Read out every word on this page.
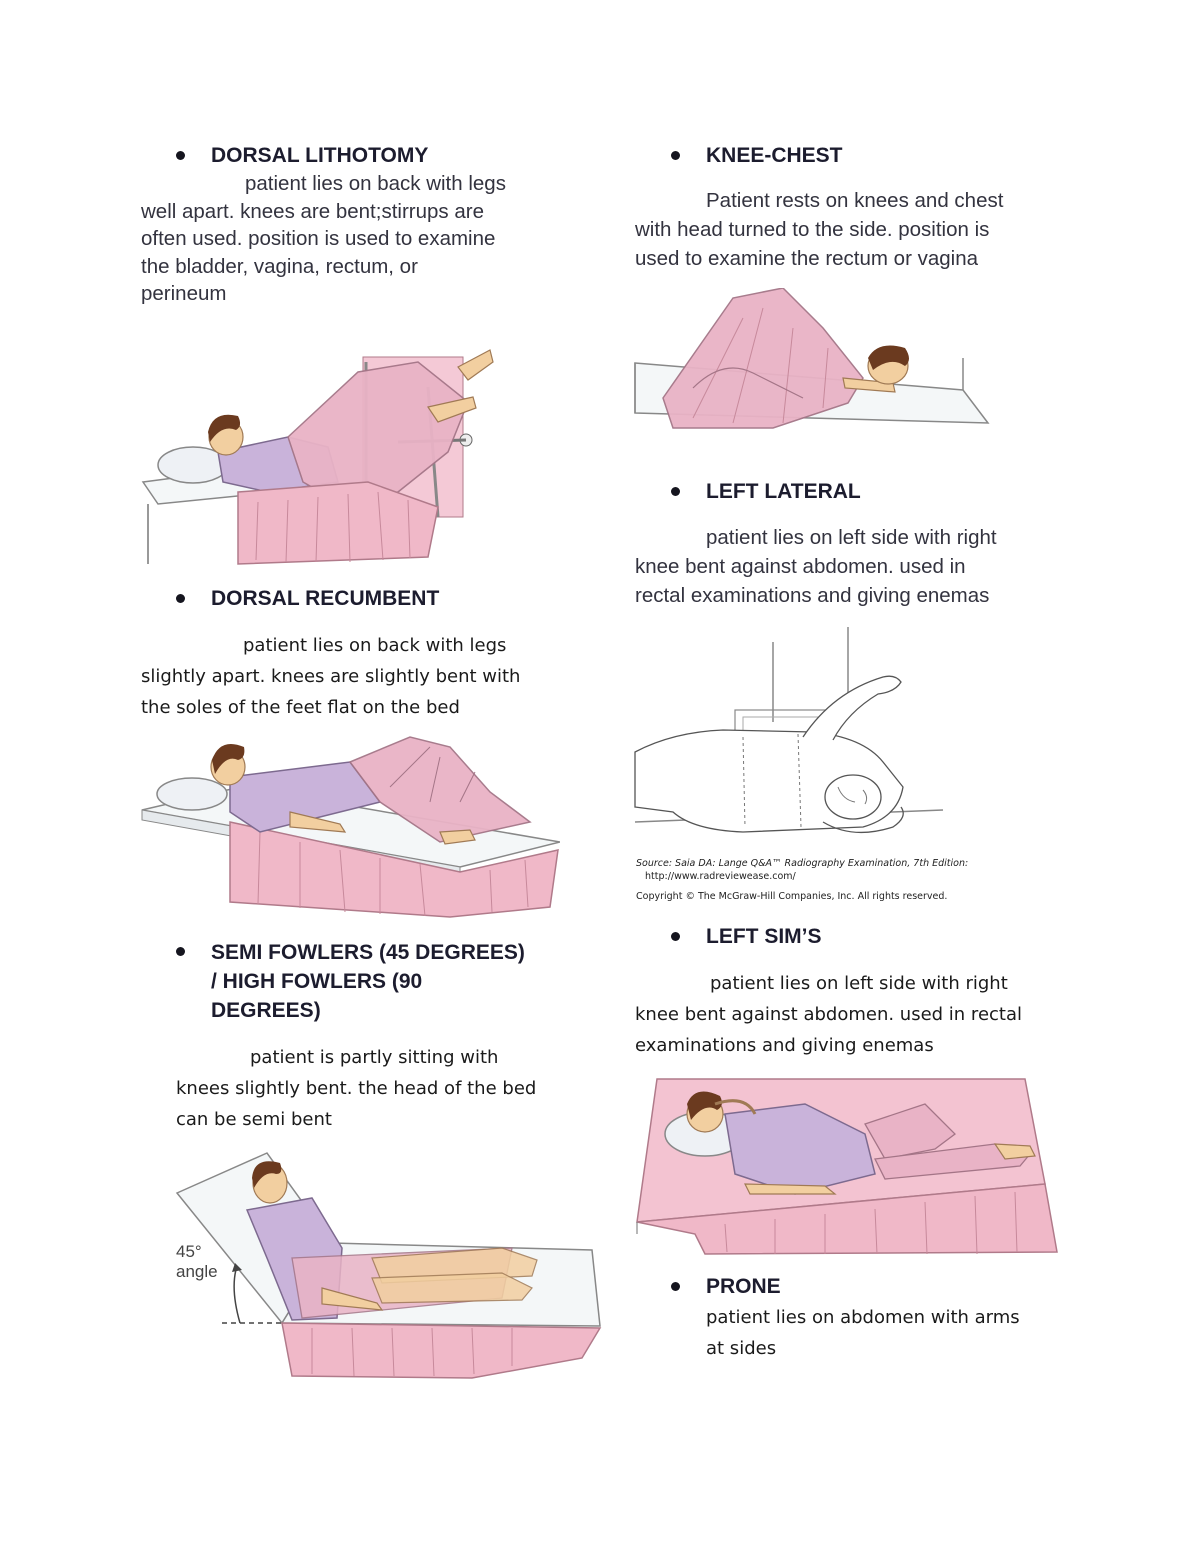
DORSAL LITHOTOMY
patient lies on back with legs
well apart. knees are bent;stirrups are
often used. position is used to examine
the bladder, vagina, rectum, or
perineum
DORSAL RECUMBENT
patient lies on back with legs
slightly apart. knees are slightly bent with
the soles of the feet flat on the bed
SEMI FOWLERS (45 DEGREES)
/ HIGH FOWLERS (90
DEGREES)
patient is partly sitting with
knees slightly bent. the head of the bed
can be semi bent
45°
angle
KNEE-CHEST
Patient rests on knees and chest
with head turned to the side. position is
used to examine the rectum or vagina
LEFT LATERAL
patient lies on left side with right
knee bent against abdomen. used in
rectal examinations and giving enemas
Source: Saia DA: Lange Q&A™ Radiography Examination, 7th Edition:
http://www.radreviewease.com/
Copyright © The McGraw-Hill Companies, Inc. All rights reserved.
LEFT SIM’S
patient lies on left side with right
knee bent against abdomen. used in rectal
examinations and giving enemas
PRONE
patient lies on abdomen with arms
at sides
